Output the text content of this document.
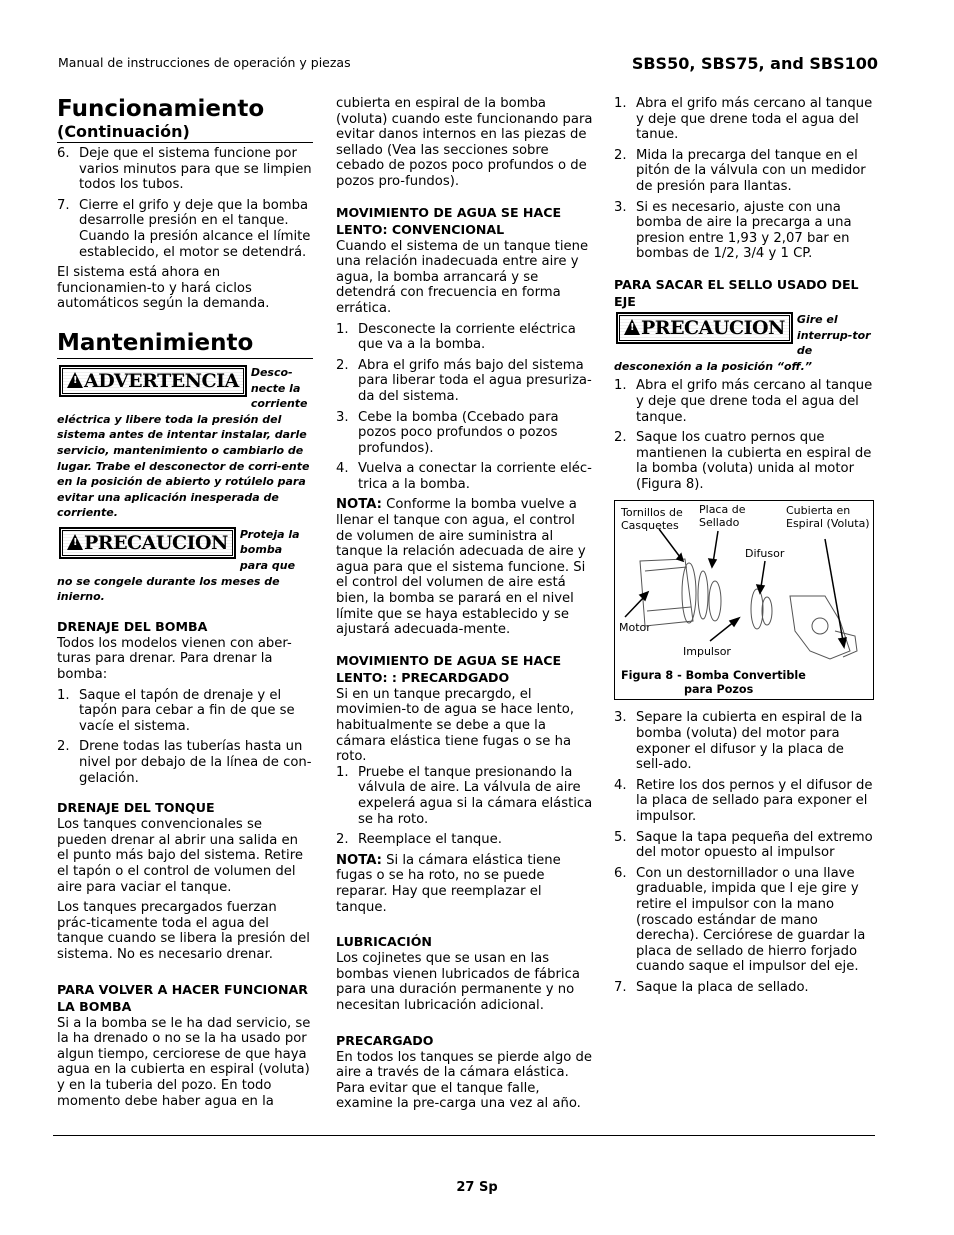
Manual de instrucciones de operación y piezas	SBS50, SBS75, and SBS100
Funcionamiento
(Continuación)
6. Deje que el sistema funcione por varios minutos para que se limpien todos los tubos.
7. Cierre el grifo y deje que la bomba desarrolle presión en el tanque. Cuando la presión alcance el límite establecido, el motor se detendrá.

El sistema está ahora en funcionamien-to y hará ciclos automáticos según la demanda.

Mantenimiento
! ADVERTENCIA	Desco-necte la corriente eléctrica y libere toda la presión del sistema antes de intentar instalar, darle servicio, mantenimiento o cambiarlo de lugar. Trabe el desconector de corri-ente en la posición de abierto y rotúlelo para evitar una aplicación inesperada de corriente.
! PRECAUCION	Proteja la bomba para que no se congele durante los meses de inierno.
DRENAJE DEL BOMBA

Todos los modelos vienen con aber-turas para drenar. Para drenar la bomba:

1. Saque el tapón de drenaje y el tapón para cebar a fin de que se vacíe el sistema.
2. Drene todas las tuberías hasta un nivel por debajo de la línea de con-gelación.
DRENAJE DEL TONQUE

Los tanques convencionales se pueden drenar al abrir una salida en el punto más bajo del sistema. Retire el tapón o el control de volumen del aire para vaciar el tanque.

Los tanques precargados fuerzan prác-ticamente toda el agua del tanque cuando se libera la presión del sistema. No es necesario drenar.

PARA VOLVER A HACER FUNCIONAR LA BOMBA

Si a la bomba se le ha dad servicio, se la ha drenado o no se la ha usado por algun tiempo, cerciorese de que haya agua en la cubierta en espiral (voluta) y en la tuberia del pozo. En todo momento debe haber agua en la

cubierta en espiral de la bomba (voluta) cuando este funcionando para evitar danos internos en las piezas de sellado (Vea las secciones sobre cebado de pozos poco profundos o de pozos pro-fundos).

MOVIMIENTO DE AGUA SE HACE LENTO: CONVENCIONAL

Cuando el sistema de un tanque tiene una relación inadecuada entre aire y agua, la bomba arrancará y se detendrá con frecuencia en forma errática.

1. Desconecte la corriente eléctrica que va a la bomba.
2. Abra el grifo más bajo del sistema para liberar toda el agua presuriza-da del sistema.
3. Cebe la bomba (Ccebado para pozos poco profundos o pozos profundos).
4. Vuelva a conectar la corriente eléc-trica a la bomba.

NOTA: Conforme la bomba vuelve a llenar el tanque con agua, el control de volumen de aire suministra al tanque la relación adecuada de aire y agua para que el sistema funcione. Si el control del volumen de aire está bien, la bomba se parará en el nivel límite que se haya establecido y se ajustará adecuada-mente.

MOVIMIENTO DE AGUA SE HACE LENTO: : PRECARDGADO

Si en un tanque precargdo, el movimien-to de agua se hace lento, habitualmente se debe a que la cámara elástica tiene fugas o se ha roto.

1. Pruebe el tanque presionando la válvula de aire. La válvula de aire expelerá agua si la cámara elástica se ha roto.
2. Reemplace el tanque.

NOTA: Si la cámara elástica tiene fugas o se ha roto, no se puede reparar. Hay que reemplazar el tanque.

LUBRICACIÓN

Los cojinetes que se usan en las bombas vienen lubricados de fábrica para una duración permanente y no necesitan lubricación adicional.

PRECARGADO

En todos los tanques se pierde algo de aire a través de la cámara elástica. Para evitar que el tanque falle, examine la pre-carga una vez al año.

1. Abra el grifo más cercano al tanque y deje que drene toda el agua del tanue.
2. Mida la precarga del tanque en el pitón de la válvula con un medidor de presión para llantas.
3. Si es necesario, ajuste con una bomba de aire la precarga a una presion entre 1,93 y 2,07 bar en bombas de 1/2, 3/4 y 1 CP.
PARA SACAR EL SELLO USADO DEL EJE
! PRECAUCION	Gire el interrup-tor de desconexión a la posición “off.”
1. Abra el grifo más cercano al tanque y deje que drene toda el agua del tanque.
2. Saque los cuatro pernos que mantienen la cubierta en espiral de la bomba (voluta) unida al motor (Figura 8).
Tornillos de Casquetes
Placa de Sellado
Cubierta en Espiral (Voluta)
Difusor
Motor
Impulsor
Figura 8 - Bomba Convertible
para Pozos
3. Separe la cubierta en espiral de la bomba (voluta) del motor para exponer el difusor y la placa de sell-ado.
4. Retire los dos pernos y el difusor de la placa de sellado para exponer el impulsor.
5. Saque la tapa pequeña del extremo del motor opuesto al impulsor
6. Con un destornillador o una llave graduable, impida que l eje gire y retire el impulsor con la mano (roscado estándar de mano derecha). Cerciórese de guardar la placa de sellado de hierro forjado cuando saque el impulsor del eje.
7. Saque la placa de sellado.
27 Sp
